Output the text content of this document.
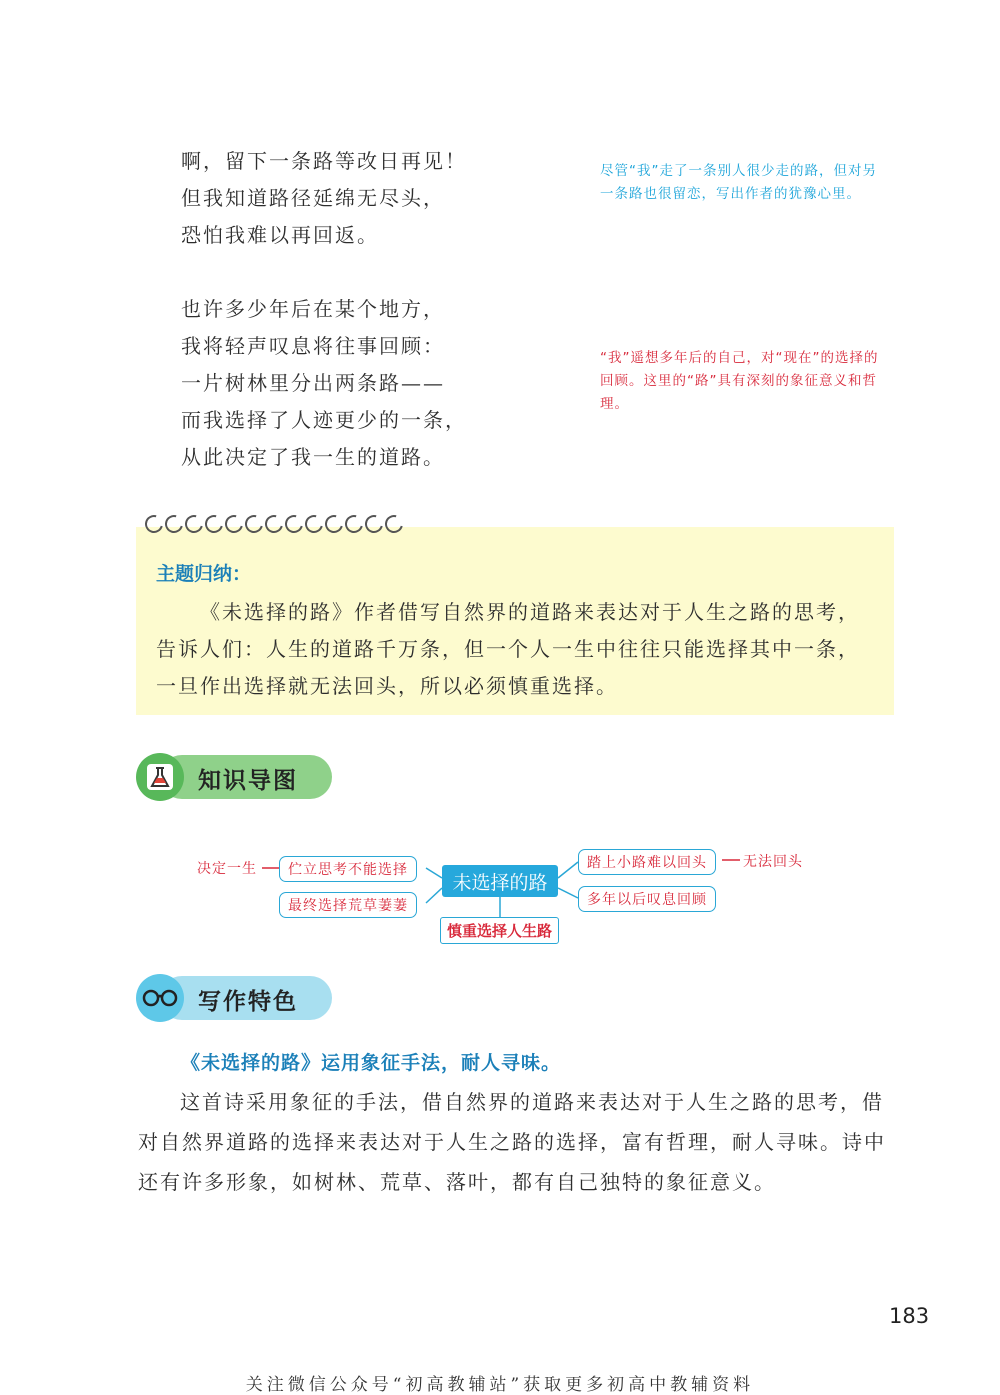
啊，留下一条路等改日再见！
但我知道路径延绵无尽头，
恐怕我难以再回返。
也许多少年后在某个地方，
我将轻声叹息将往事回顾：
一片树林里分出两条路——
而我选择了人迹更少的一条，
从此决定了我一生的道路。
尽管“我”走了一条别人很少走的路，但对另一条路也很留恋，写出作者的犹豫心里。
“我”遥想多年后的自己，对“现在”的选择的回顾。这里的“路”具有深刻的象征意义和哲理。
主题归纳：
《未选择的路》作者借写自然界的道路来表达对于人生之路的思考，告诉人们：人生的道路千万条，但一个人一生中往往只能选择其中一条，一旦作出选择就无法回头，所以必须慎重选择。
知识导图
决定一生	伫立思考不能选择
最终选择荒草萋萋
未选择的路
踏上小路难以回头	无法回头
多年以后叹息回顾
慎重选择人生路
写作特色
《未选择的路》运用象征手法，耐人寻味。
这首诗采用象征的手法，借自然界的道路来表达对于人生之路的思考，借对自然界道路的选择来表达对于人生之路的选择，富有哲理，耐人寻味。诗中还有许多形象，如树林、荒草、落叶，都有自己独特的象征意义。
183
关注微信公众号“初高教辅站”获取更多初高中教辅资料
